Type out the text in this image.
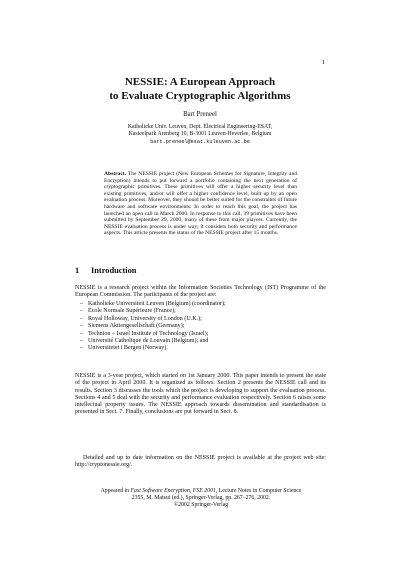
1
NESSIE: A European Approach
to Evaluate Cryptographic Algorithms
Bart Preneel
Katholieke Univ. Leuven, Dept. Electrical Engineering-ESAT,
Kasteelpark Arenberg 10, B-3001 Leuven-Heverlee, Belgium
bart.preneel@esat.kuleuven.ac.be

Abstract. The NESSIE project (New European Schemes for Signature, Integrity and Encryption) intends to put forward a portfolio containing the next generation of cryptographic primitives. These primitives will offer a higher security level than existing primitives, and/or will offer a higher confidence level, built up by an open evaluation process. Moreover, they should be better suited for the constraints of future hardware and software environments. In order to reach this goal, the project has launched an open call in March 2000. In response to this call, 39 primitives have been submitted by September 29, 2000, many of these from major players. Currently, the NESSIE evaluation process is under way; it considers both security and performance aspects. This article presents the status of the NESSIE project after 15 months.

1 Introduction

NESSIE is a research project within the Information Societies Technology (IST) Programme of the European Commission. The participants of the project are:

– Katholieke Universiteit Leuven (Belgium) (coordinator);
– École Normale Supérieure (France);
– Royal Holloway, University of London (U.K.);
– Siemens Aktiengesellschaft (Germany);
– Technion – Israel Institute of Technology (Israel);
– Université Catholique de Louvain (Belgium); and
– Universitetet i Bergen (Norway).

NESSIE is a 3-year project, which started on 1st January 2000. This paper intends to present the state of the project in April 2000. It is organized as follows. Section 2 presents the NESSIE call and its results. Section 3 discusses the tools which the project is developing to support the evaluation process. Sections 4 and 5 deal with the security and performance evaluation respectively. Section 6 raises some intellectual property issues. The NESSIE approach towards dissemination and standardisation is presented in Sect. 7. Finally, conclusions are put forward in Sect. 8.

Detailed and up to date information on the NESSIE project is available at the project web site: http://cryptonessie.org/.

Appeared in Fast Software Encryption, FSE 2001, Lecture Notes in Computer Science 2355, M. Matsui (ed.), Springer-Verlag, pp. 267–276, 2002.
©2002 Springer-Verlag
